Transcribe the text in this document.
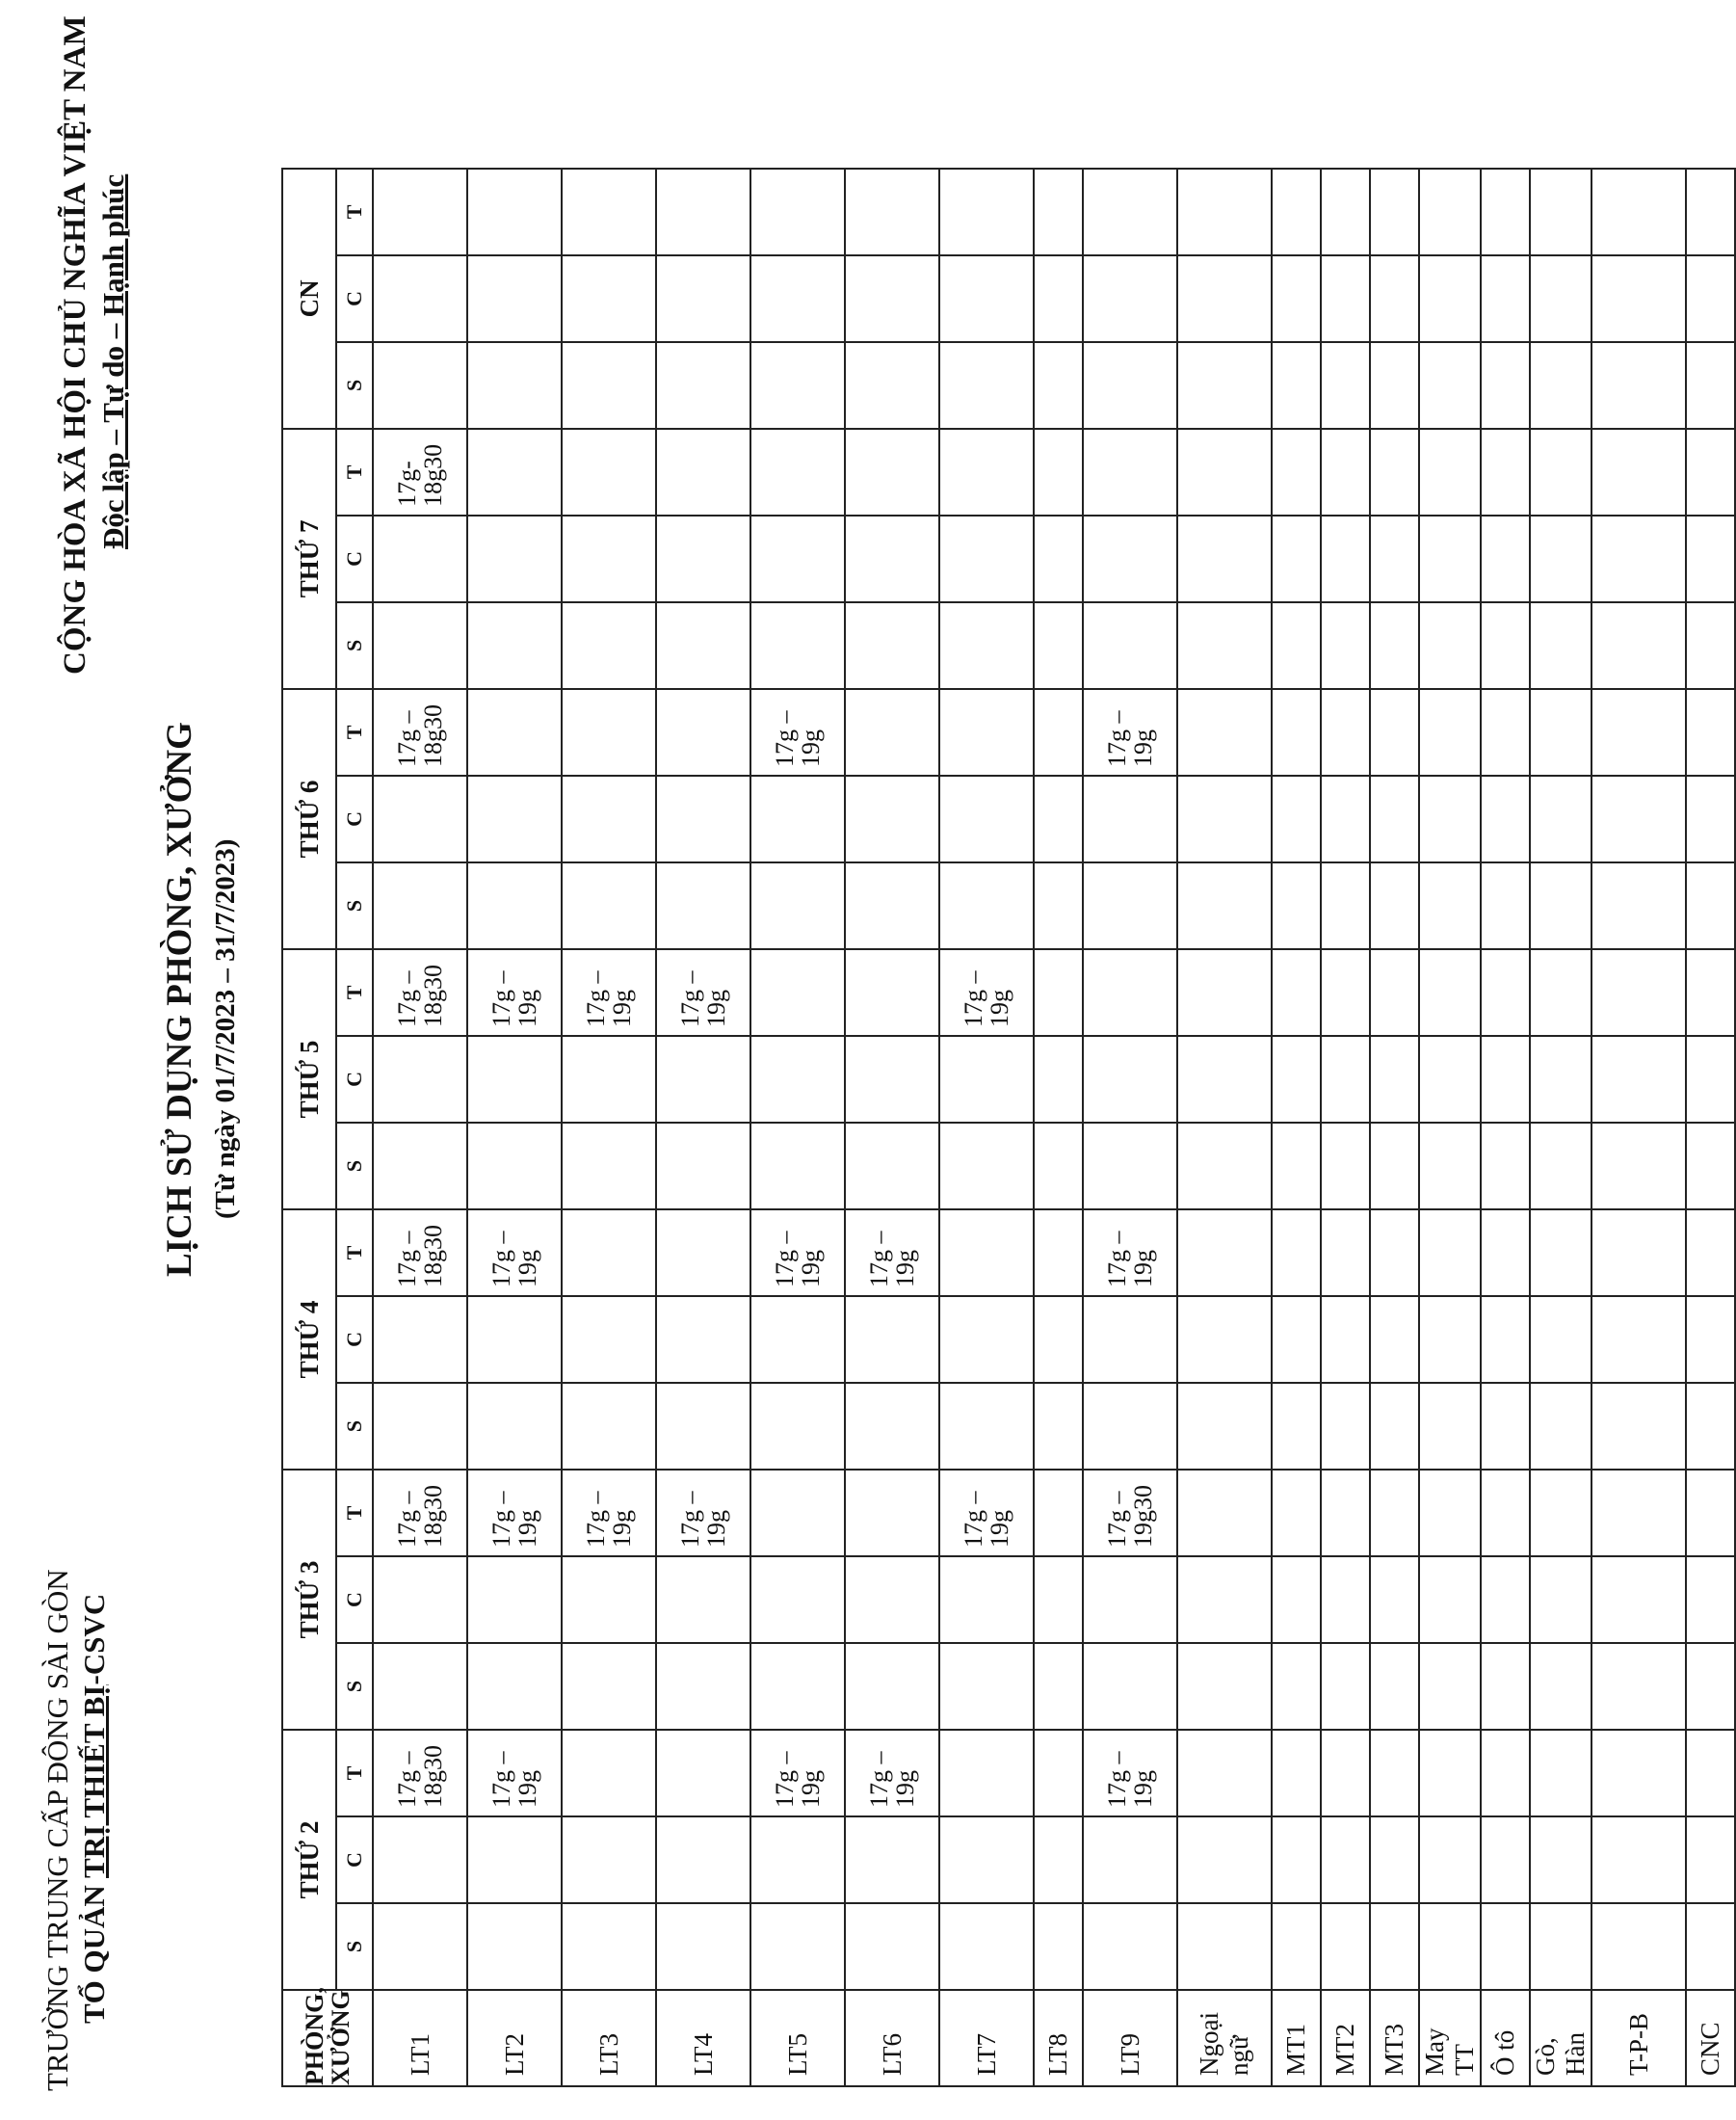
TRƯỜNG TRUNG CẤP ĐÔNG SÀI GÒN TỔ QUẢN TRỊ THIẾT BỊ-CSVC
CỘNG HÒA XÃ HỘI CHỦ NGHĨA VIỆT NAM Độc lập – Tự do – Hạnh phúc
LỊCH SỬ DỤNG PHÒNG, XƯỞNG (Từ ngày 01/7/2023 – 31/7/2023)
PHÒNG,
XƯỞNG	THỨ 2			THỨ 3			THỨ 4			THỨ 5			THỨ 6			THỨ 7			CN		
	S	C	T	S	C	T	S	C	T	S	C	T	S	C	T	S	C	T	S	C	T
LT1			17g – 18g30			17g – 18g30			17g – 18g30			17g – 18g30			17g – 18g30			17g- 18g30			
LT2			17g – 19g			17g – 19g			17g – 19g			17g – 19g									
LT3						17g – 19g						17g – 19g									
LT4						17g – 19g						17g – 19g									
LT5			17g – 19g						17g – 19g						17g – 19g						
LT6			17g – 19g						17g – 19g												
LT7						17g – 19g						17g – 19g									
LT8																					
LT9			17g – 19g			17g – 19g30			17g – 19g						17g – 19g						
Ngoại ngữ																					
MT1																					
MT2																					
MT3																					
May TT																					
Ô tô																					
Gò, Hàn																					
T-P-B																					
CNC																					
